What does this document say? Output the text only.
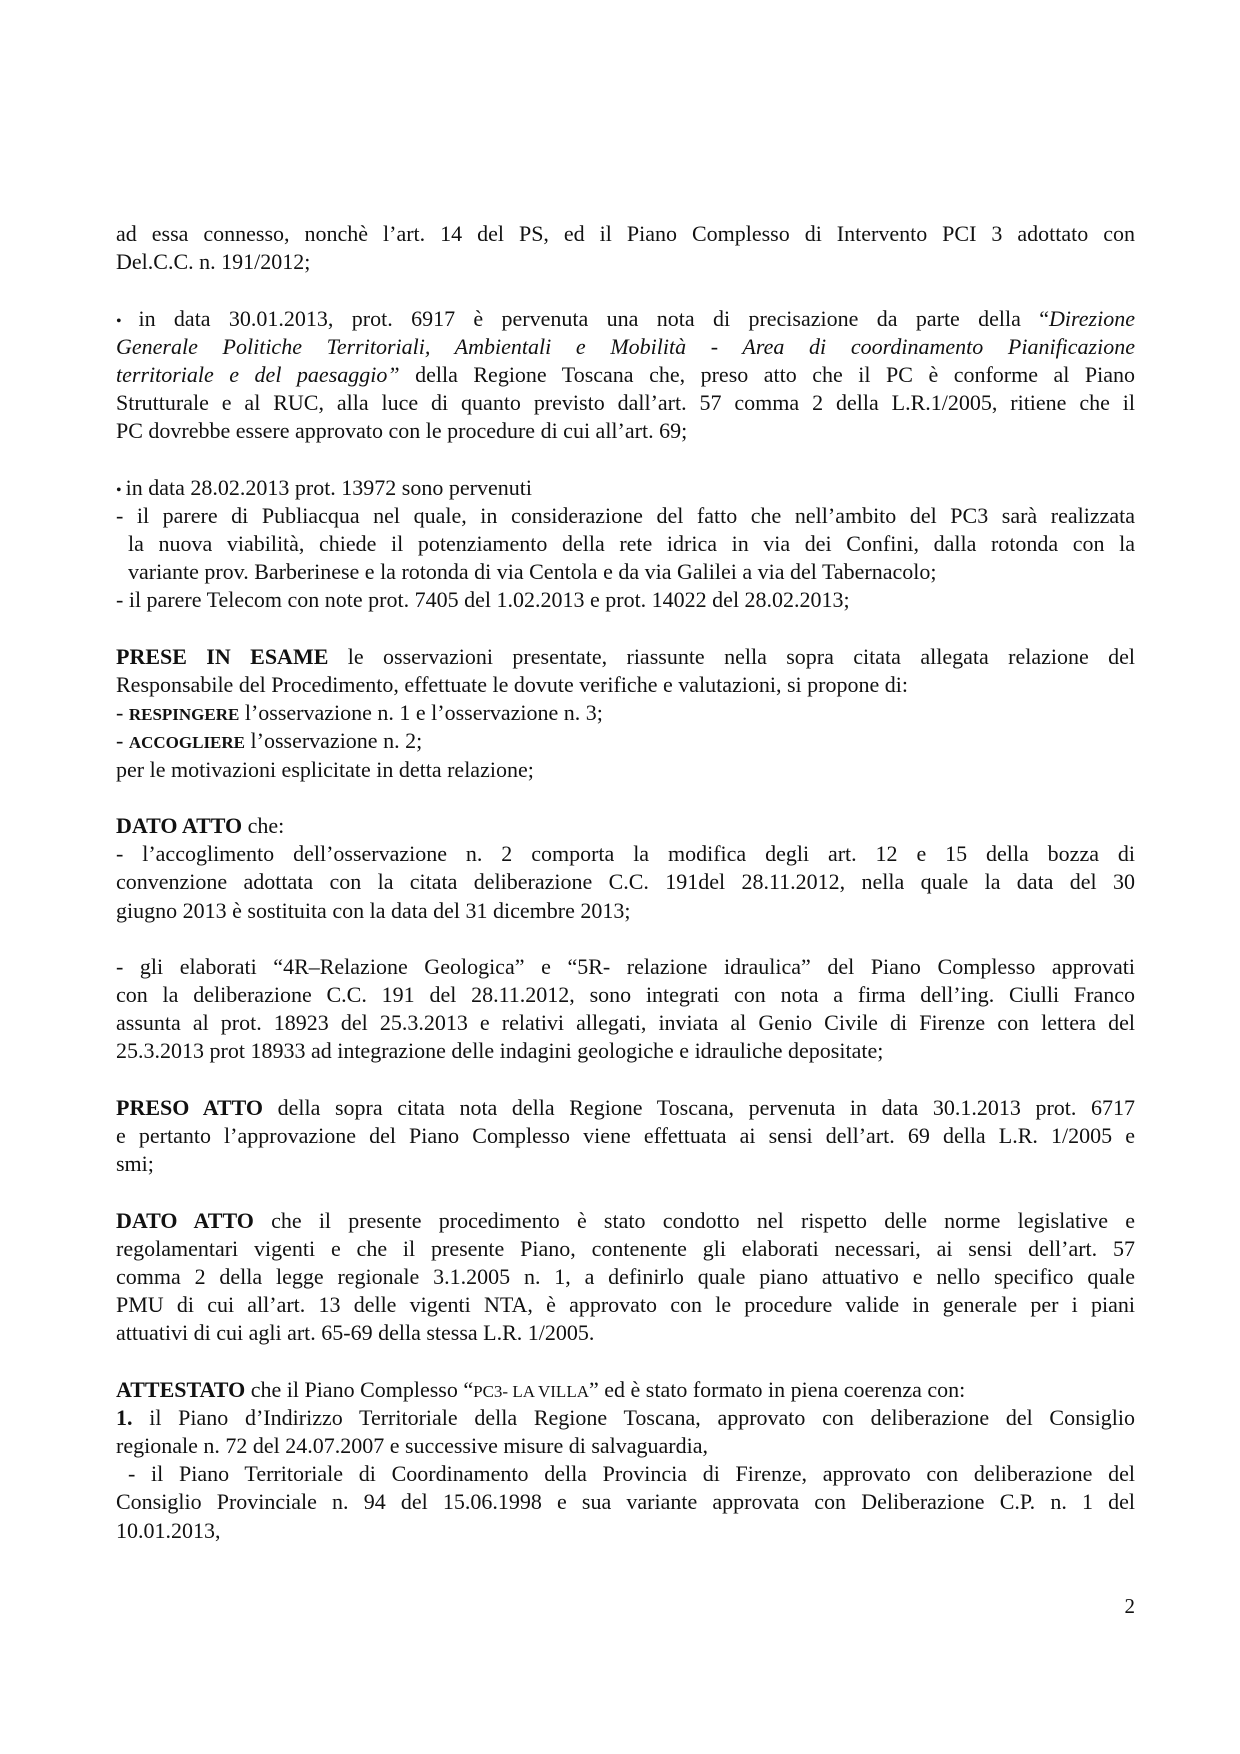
ad essa connesso, nonchè l’art. 14 del PS, ed il Piano Complesso di Intervento PCI 3 adottato con
Del.C.C. n. 191/2012;
• in data 30.01.2013, prot. 6917 è pervenuta una nota di precisazione da parte della “Direzione
Generale Politiche Territoriali, Ambientali e Mobilità - Area di coordinamento Pianificazione
territoriale e del paesaggio” della Regione Toscana che, preso atto che il PC è conforme al Piano
Strutturale e al RUC, alla luce di quanto previsto dall’art. 57 comma 2 della L.R.1/2005, ritiene che il
PC dovrebbe essere approvato con le procedure di cui all’art. 69;
• in data 28.02.2013 prot. 13972 sono pervenuti
- il parere di Publiacqua nel quale, in considerazione del fatto che nell’ambito del PC3 sarà realizzata
la nuova viabilità, chiede il potenziamento della rete idrica in via dei Confini, dalla rotonda con la
variante prov. Barberinese e la rotonda di via Centola e da via Galilei a via del Tabernacolo;
- il parere Telecom con note prot. 7405 del 1.02.2013 e prot. 14022 del 28.02.2013;
PRESE IN ESAME le osservazioni presentate, riassunte nella sopra citata allegata relazione del
Responsabile del Procedimento, effettuate le dovute verifiche e valutazioni, si propone di:
- RESPINGERE l’osservazione n. 1 e l’osservazione n. 3;
- ACCOGLIERE l’osservazione n. 2;
per le motivazioni esplicitate in detta relazione;
DATO ATTO che:
- l’accoglimento dell’osservazione n. 2 comporta la modifica degli art. 12 e 15 della bozza di
convenzione adottata con la citata deliberazione C.C. 191del 28.11.2012, nella quale la data del 30
giugno 2013 è sostituita con la data del 31 dicembre 2013;
- gli elaborati “4R–Relazione Geologica” e “5R- relazione idraulica” del Piano Complesso approvati
con la deliberazione C.C. 191 del 28.11.2012, sono integrati con nota a firma dell’ing. Ciulli Franco
assunta al prot. 18923 del 25.3.2013 e relativi allegati, inviata al Genio Civile di Firenze con lettera del
25.3.2013 prot 18933 ad integrazione delle indagini geologiche e idrauliche depositate;
PRESO ATTO della sopra citata nota della Regione Toscana, pervenuta in data 30.1.2013 prot. 6717
e pertanto l’approvazione del Piano Complesso viene effettuata ai sensi dell’art. 69 della L.R. 1/2005 e
smi;
DATO ATTO che il presente procedimento è stato condotto nel rispetto delle norme legislative e
regolamentari vigenti e che il presente Piano, contenente gli elaborati necessari, ai sensi dell’art. 57
comma 2 della legge regionale 3.1.2005 n. 1, a definirlo quale piano attuativo e nello specifico quale
PMU di cui all’art. 13 delle vigenti NTA, è approvato con le procedure valide in generale per i piani
attuativi di cui agli art. 65-69 della stessa L.R. 1/2005.
ATTESTATO che il Piano Complesso “PC3- LA VILLA” ed è stato formato in piena coerenza con:
1. il Piano d’Indirizzo Territoriale della Regione Toscana, approvato con deliberazione del Consiglio
regionale n. 72 del 24.07.2007 e successive misure di salvaguardia,
- il Piano Territoriale di Coordinamento della Provincia di Firenze, approvato con deliberazione del
Consiglio Provinciale n. 94 del 15.06.1998 e sua variante approvata con Deliberazione C.P. n. 1 del
10.01.2013,
2
